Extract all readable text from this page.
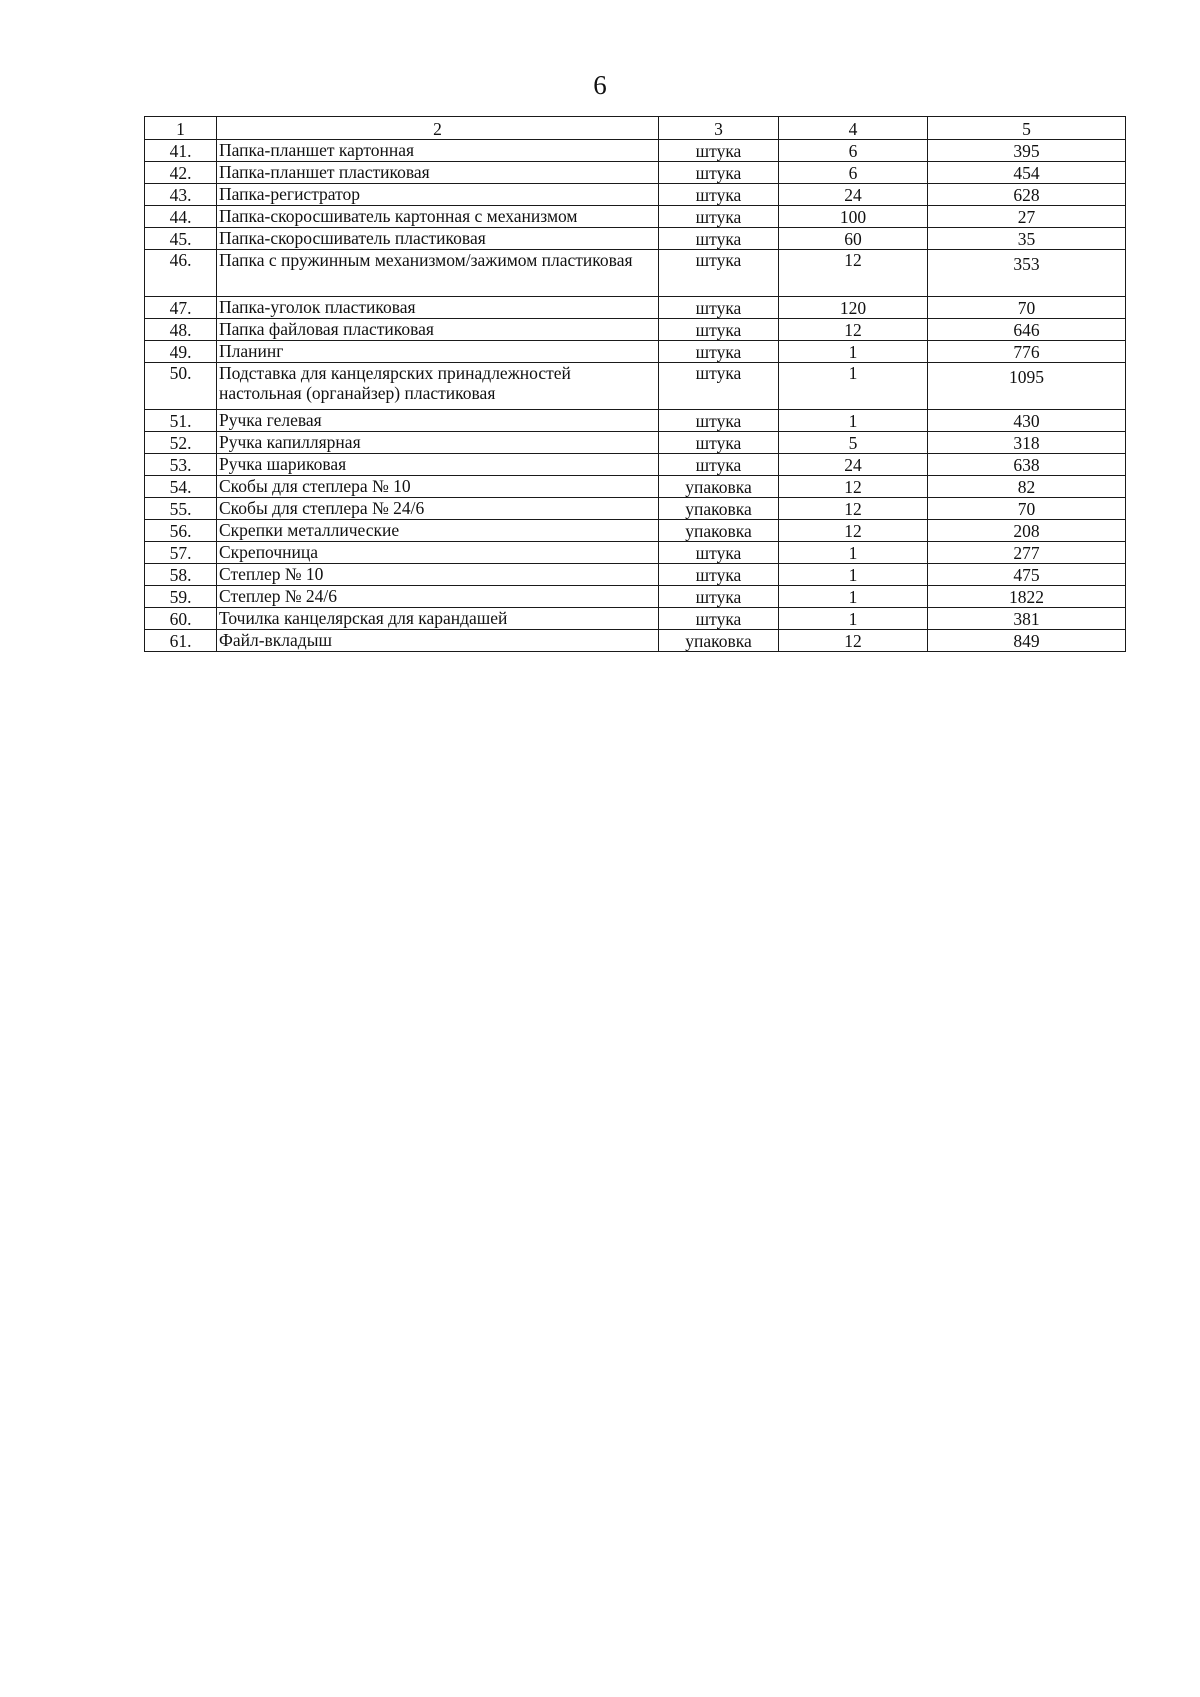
6
1	2	3	4	5
41.	Папка-планшет картонная	штука	6	395
42.	Папка-планшет пластиковая	штука	6	454
43.	Папка-регистратор	штука	24	628
44.	Папка-скоросшиватель картонная с механизмом	штука	100	27
45.	Папка-скоросшиватель пластиковая	штука	60	35
46.	Папка с пружинным механизмом/зажимом пластиковая	штука	12	353
47.	Папка-уголок пластиковая	штука	120	70
48.	Папка файловая пластиковая	штука	12	646
49.	Планинг	штука	1	776
50.	Подставка для канцелярских принадлежностей настольная (органайзер) пластиковая	штука	1	1095
51.	Ручка гелевая	штука	1	430
52.	Ручка капиллярная	штука	5	318
53.	Ручка шариковая	штука	24	638
54.	Скобы для степлера № 10	упаковка	12	82
55.	Скобы для степлера № 24/6	упаковка	12	70
56.	Скрепки металлические	упаковка	12	208
57.	Скрепочница	штука	1	277
58.	Степлер № 10	штука	1	475
59.	Степлер № 24/6	штука	1	1822
60.	Точилка канцелярская для карандашей	штука	1	381
61.	Файл-вкладыш	упаковка	12	849
